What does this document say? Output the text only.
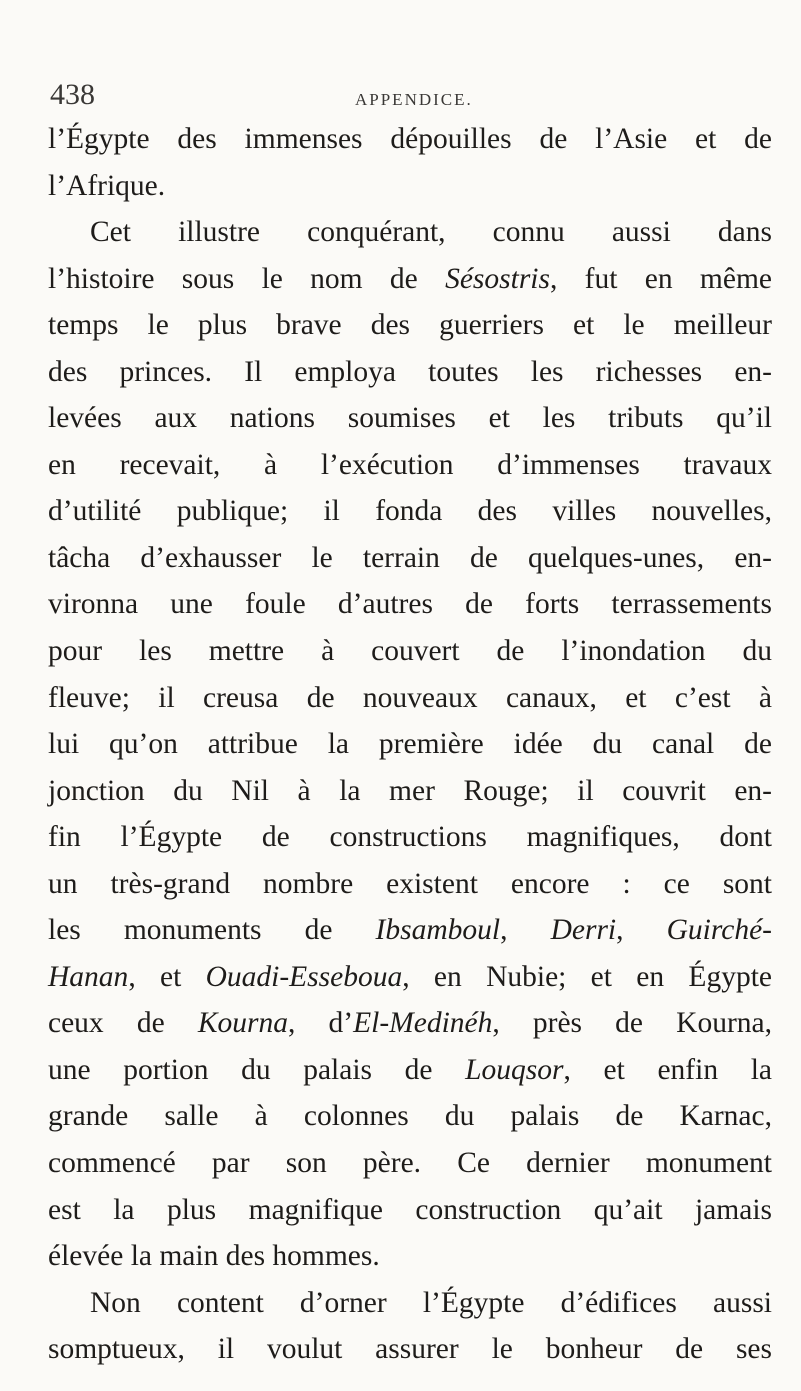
438	APPENDICE.
l’Égypte des immenses dépouilles de l’Asie et de
l’Afrique.
Cet illustre conquérant, connu aussi dans
l’histoire sous le nom de Sésostris, fut en même
temps le plus brave des guerriers et le meilleur
des princes. Il employa toutes les richesses en-
levées aux nations soumises et les tributs qu’il
en recevait, à l’exécution d’immenses travaux
d’utilité publique; il fonda des villes nouvelles,
tâcha d’exhausser le terrain de quelques-unes, en-
vironna une foule d’autres de forts terrassements
pour les mettre à couvert de l’inondation du
fleuve; il creusa de nouveaux canaux, et c’est à
lui qu’on attribue la première idée du canal de
jonction du Nil à la mer Rouge; il couvrit en-
fin l’Égypte de constructions magnifiques, dont
un très-grand nombre existent encore : ce sont
les monuments de Ibsamboul, Derri, Guirché-
Hanan, et Ouadi-Esseboua, en Nubie; et en Égypte
ceux de Kourna, d’El-Medinéh, près de Kourna,
une portion du palais de Louqsor, et enfin la
grande salle à colonnes du palais de Karnac,
commencé par son père. Ce dernier monument
est la plus magnifique construction qu’ait jamais
élevée la main des hommes.
Non content d’orner l’Égypte d’édifices aussi
somptueux, il voulut assurer le bonheur de ses
